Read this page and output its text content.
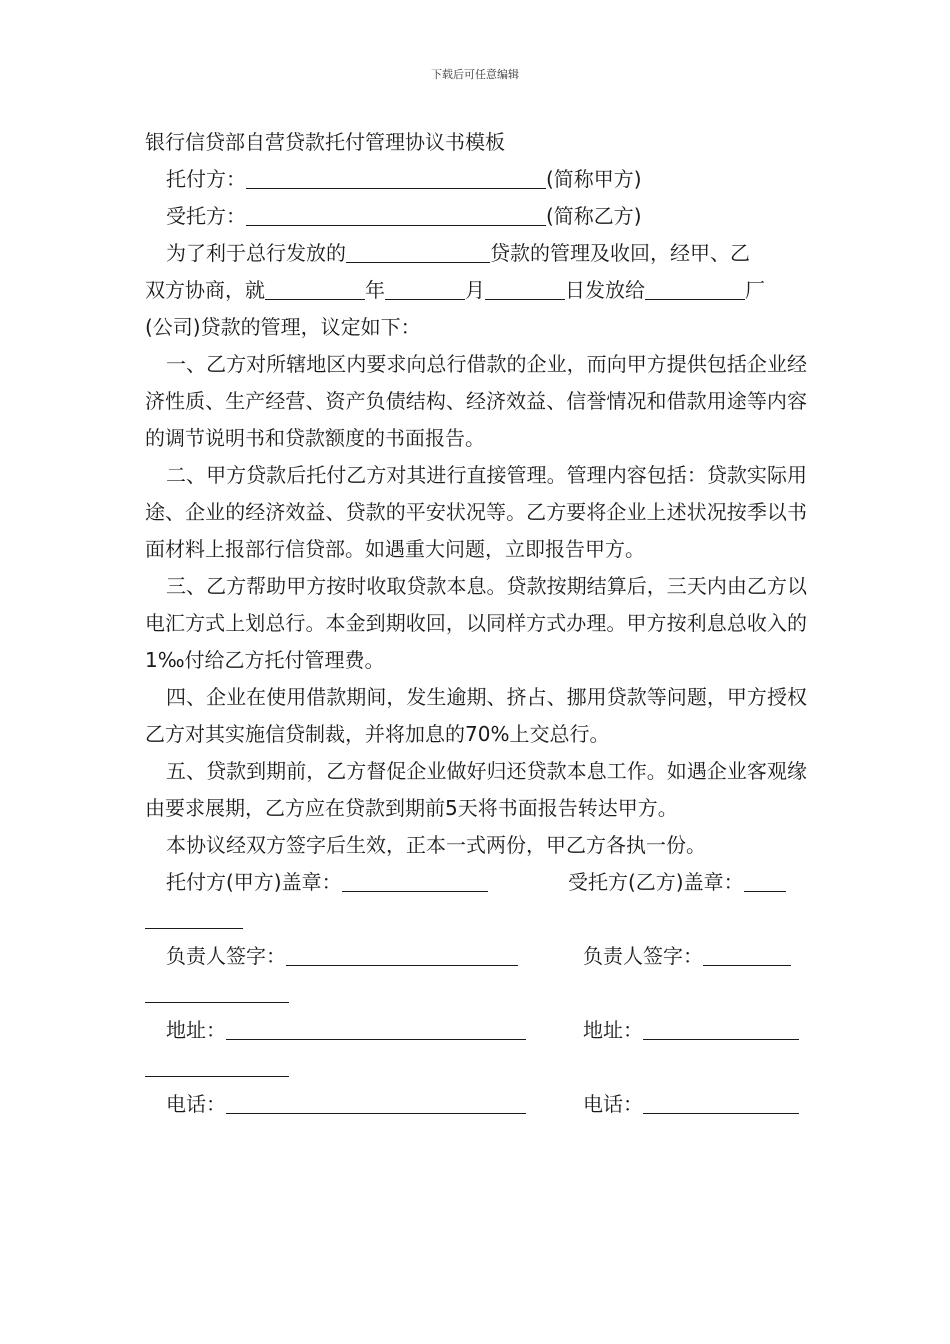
下载后可任意编辑
银行信贷部自营贷款托付管理协议书模板
托付方：	(简称甲方)
受托方：	(简称乙方)
为了利于总行发放的	贷款的管理及收回，经甲、乙
双方协商，就	年	月	日发放给	厂
(公司)贷款的管理，议定如下：

一、乙方对所辖地区内要求向总行借款的企业，而向甲方提供包括企业经济性质、生产经营、资产负债结构、经济效益、信誉情况和借款用途等内容的调节说明书和贷款额度的书面报告。

二、甲方贷款后托付乙方对其进行直接管理。管理内容包括：贷款实际用途、企业的经济效益、贷款的平安状况等。乙方要将企业上述状况按季以书面材料上报部行信贷部。如遇重大问题，立即报告甲方。

三、乙方帮助甲方按时收取贷款本息。贷款按期结算后，三天内由乙方以电汇方式上划总行。本金到期收回，以同样方式办理。甲方按利息总收入的1‰付给乙方托付管理费。

四、企业在使用借款期间，发生逾期、挤占、挪用贷款等问题，甲方授权乙方对其实施信贷制裁，并将加息的70%上交总行。

五、贷款到期前，乙方督促企业做好归还贷款本息工作。如遇企业客观缘由要求展期，乙方应在贷款到期前5天将书面报告转达甲方。

本协议经双方签字后生效，正本一式两份，甲乙方各执一份。
托付方(甲方)盖章：	受托方(乙方)盖章：
负责人签字：	负责人签字：
地址：	地址：
电话：	电话：
